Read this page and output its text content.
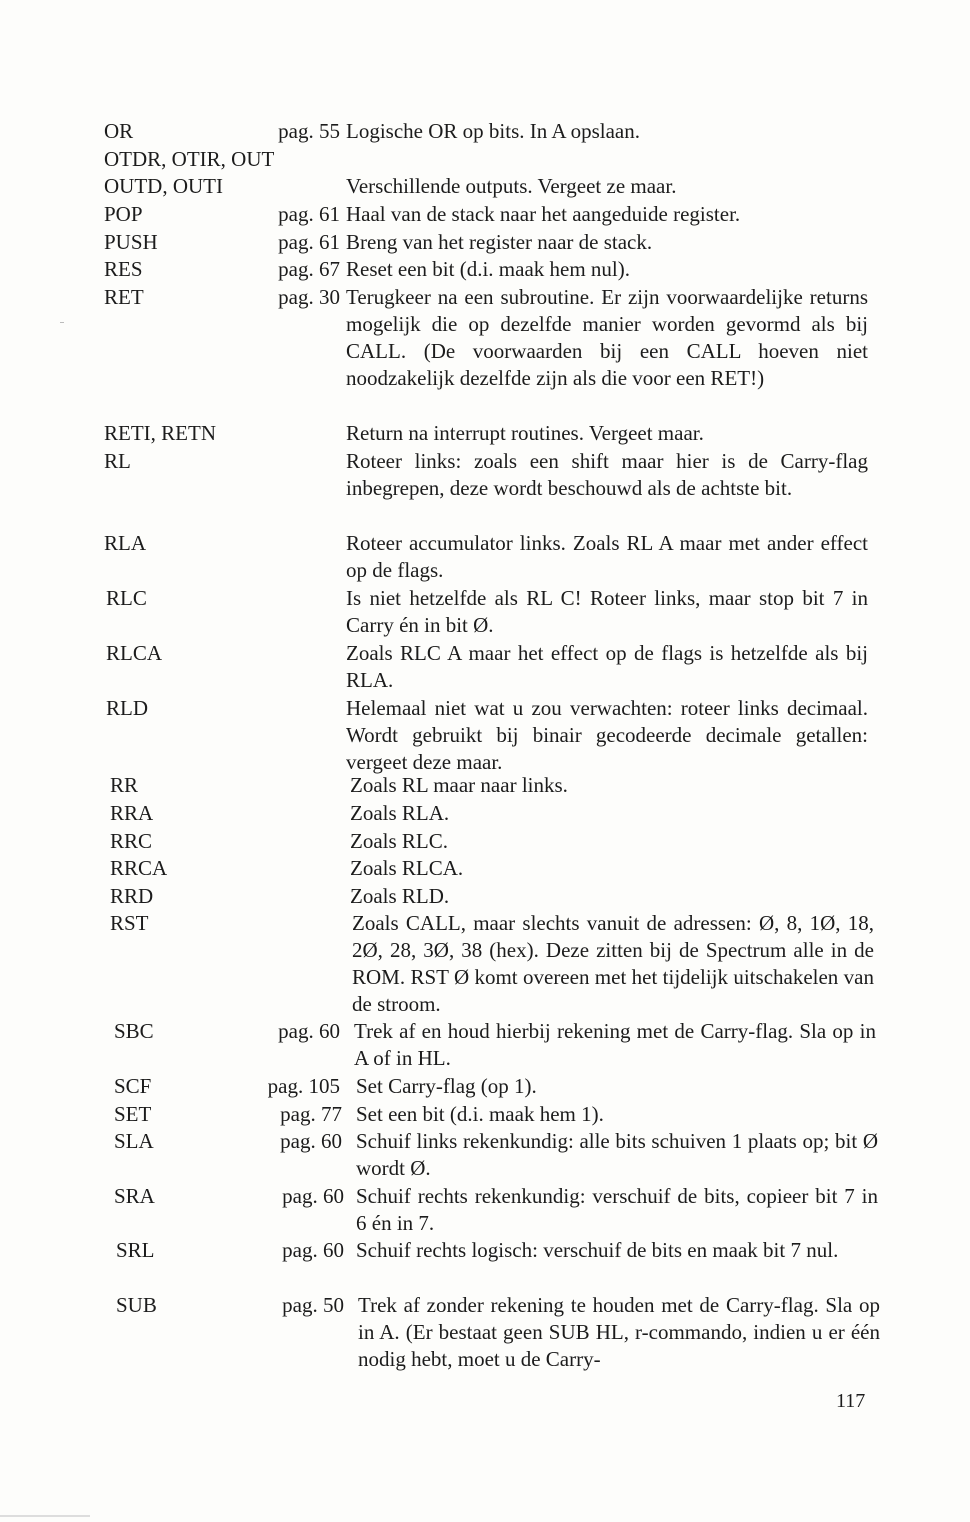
OR	pag. 55 Logische OR op bits. In A opslaan.
OTDR, OTIR, OUT
OUTD, OUTI	Verschillende outputs. Vergeet ze maar.
POP	pag. 61 Haal van de stack naar het aangeduide register.
PUSH	pag. 61 Breng van het register naar de stack.
RES	pag. 67 Reset een bit (d.i. maak hem nul).
RET	pag. 30 Terugkeer na een subroutine. Er zijn voorwaardelijke returns mogelijk die op dezelfde manier worden gevormd als bij CALL. (De voorwaarden bij een CALL hoeven niet noodzakelijk dezelfde zijn als die voor een RET!)
RETI, RETN	Return na interrupt routines. Vergeet maar.
RL	Roteer links: zoals een shift maar hier is de Carry-flag inbegrepen, deze wordt beschouwd als de achtste bit.
RLA	Roteer accumulator links. Zoals RL A maar met ander effect op de flags.
RLC	Is niet hetzelfde als RL C! Roteer links, maar stop bit 7 in Carry én in bit Ø.
RLCA	Zoals RLC A maar het effect op de flags is hetzelfde als bij RLA.
RLD	Helemaal niet wat u zou verwachten: roteer links decimaal. Wordt gebruikt bij binair gecodeerde decimale getallen: vergeet deze maar.
RR	Zoals RL maar naar links.
RRA	Zoals RLA.
RRC	Zoals RLC.
RRCA	Zoals RLCA.
RRD	Zoals RLD.
RST	Zoals CALL, maar slechts vanuit de adressen: Ø, 8, 1Ø, 18, 2Ø, 28, 3Ø, 38 (hex). Deze zitten bij de Spectrum alle in de ROM. RST Ø komt overeen met het tijdelijk uitschakelen van de stroom.
SBC	pag. 60 Trek af en houd hierbij rekening met de Carry-flag. Sla op in A of in HL.
SCF	pag. 105 Set Carry-flag (op 1).
SET	pag. 77 Set een bit (d.i. maak hem 1).
SLA	pag. 60 Schuif links rekenkundig: alle bits schuiven 1 plaats op; bit Ø wordt Ø.
SRA	pag. 60 Schuif rechts rekenkundig: verschuif de bits, copieer bit 7 in 6 én in 7.
SRL	pag. 60 Schuif rechts logisch: verschuif de bits en maak bit 7 nul.
SUB	pag. 50 Trek af zonder rekening te houden met de Carry-flag. Sla op in A. (Er bestaat geen SUB HL, r-commando, indien u er één nodig hebt, moet u de Carry-
117
